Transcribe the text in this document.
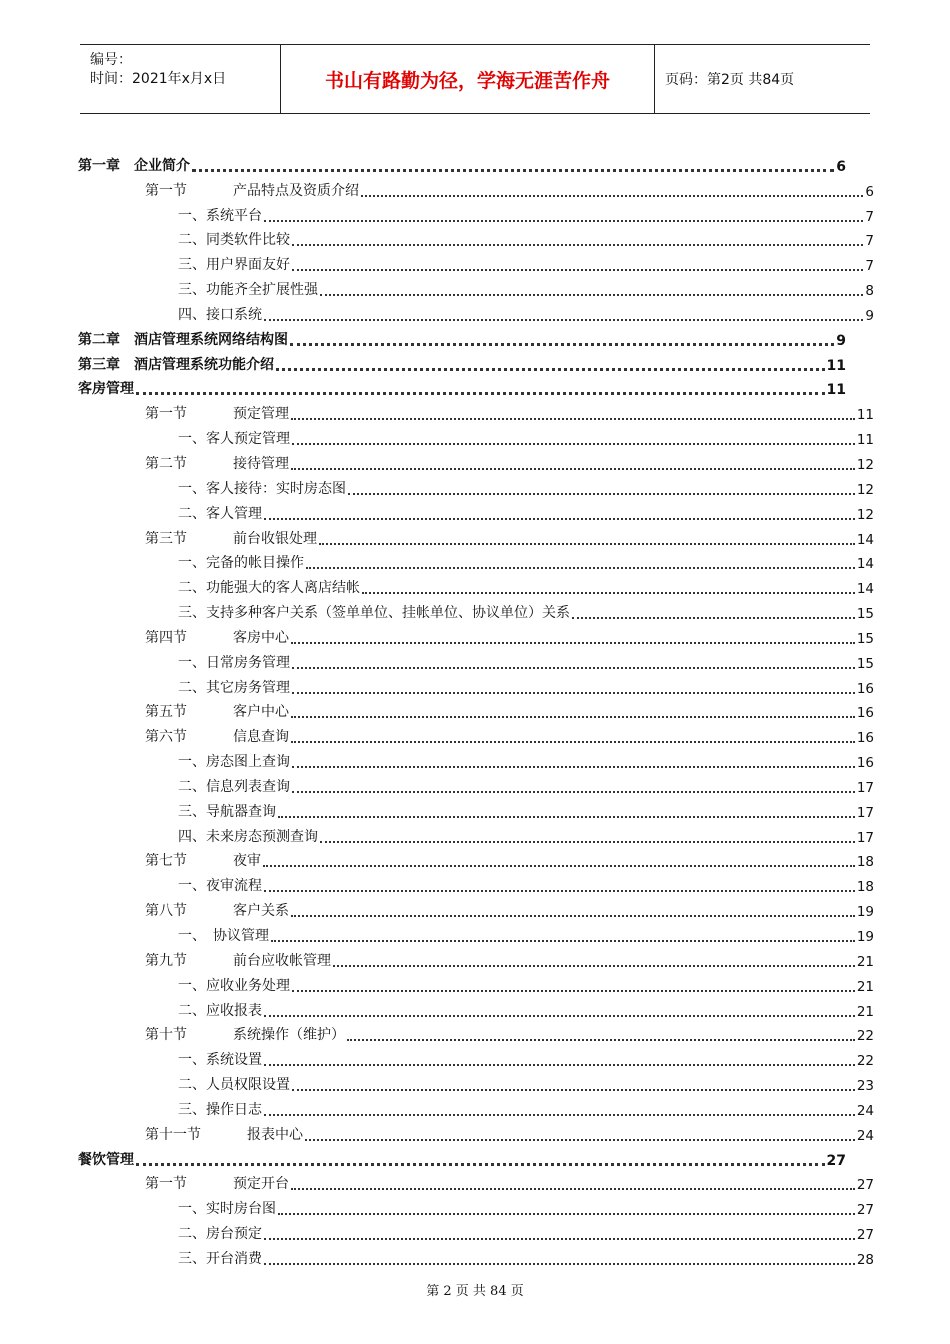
编号：
时间：2021年x月x日	书山有路勤为径，学海无涯苦作舟	页码：第2页 共84页
第一章　企业简介	6
第一节	产品特点及资质介绍	6
一、系统平台	7
二、同类软件比较	7
三、用户界面友好	7
三、功能齐全扩展性强	8
四、接口系统	9
第二章　酒店管理系统网络结构图	9
第三章　酒店管理系统功能介绍	11
客房管理	11
第一节	预定管理	11
一、客人预定管理	11
第二节	接待管理	12
一、客人接待：实时房态图	12
二、客人管理	12
第三节	前台收银处理	14
一、完备的帐目操作	14
二、功能强大的客人离店结帐	14
三、支持多种客户关系（签单单位、挂帐单位、协议单位）关系	15
第四节	客房中心	15
一、日常房务管理	15
二、其它房务管理	16
第五节	客户中心	16
第六节	信息查询	16
一、房态图上查询	16
二、信息列表查询	17
三、导航器查询	17
四、未来房态预测查询	17
第七节	夜审	18
一、夜审流程	18
第八节	客户关系	19
一、　协议管理	19
第九节	前台应收帐管理	21
一、应收业务处理	21
二、应收报表	21
第十节	系统操作（维护）	22
一、系统设置	22
二、人员权限设置	23
三、操作日志	24
第十一节	报表中心	24
餐饮管理	27
第一节	预定开台	27
一、实时房台图	27
二、房台预定	27
三、开台消费	28
第 2 页 共 84 页
